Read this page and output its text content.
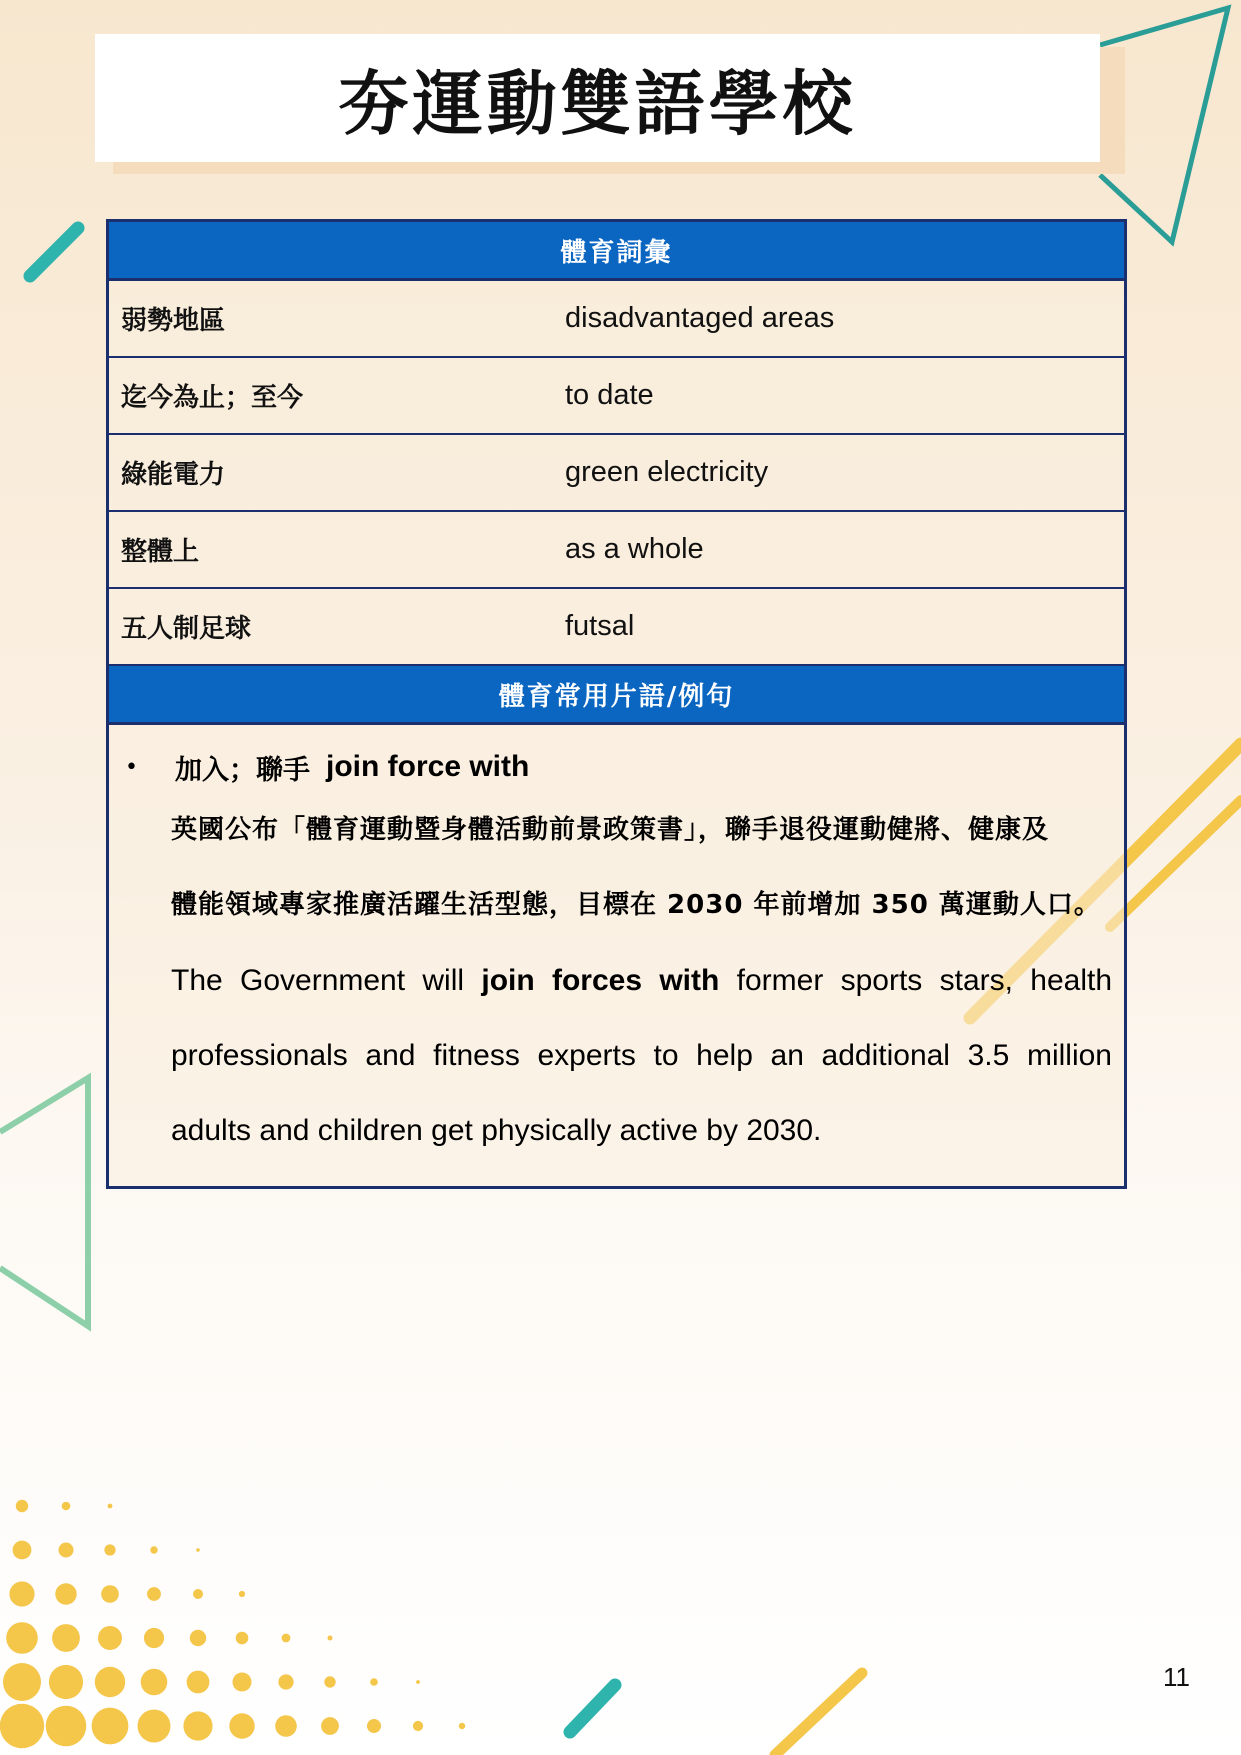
夯運動雙語學校
體育詞彙
弱勢地區	disadvantaged areas
迄今為止；至今	to date
綠能電力	green electricity
整體上	as a whole
五人制足球	futsal
體育常用片語/例句
•	加入；聯手 join force with
英國公布「體育運動暨身體活動前景政策書」，聯手退役運動健將、健康及
體能領域專家推廣活躍生活型態，目標在 2030 年前增加 350 萬運動人口。
The Government will join forces with former sports stars, health professionals and fitness experts to help an additional 3.5 million adults and children get physically active by 2030.
11
